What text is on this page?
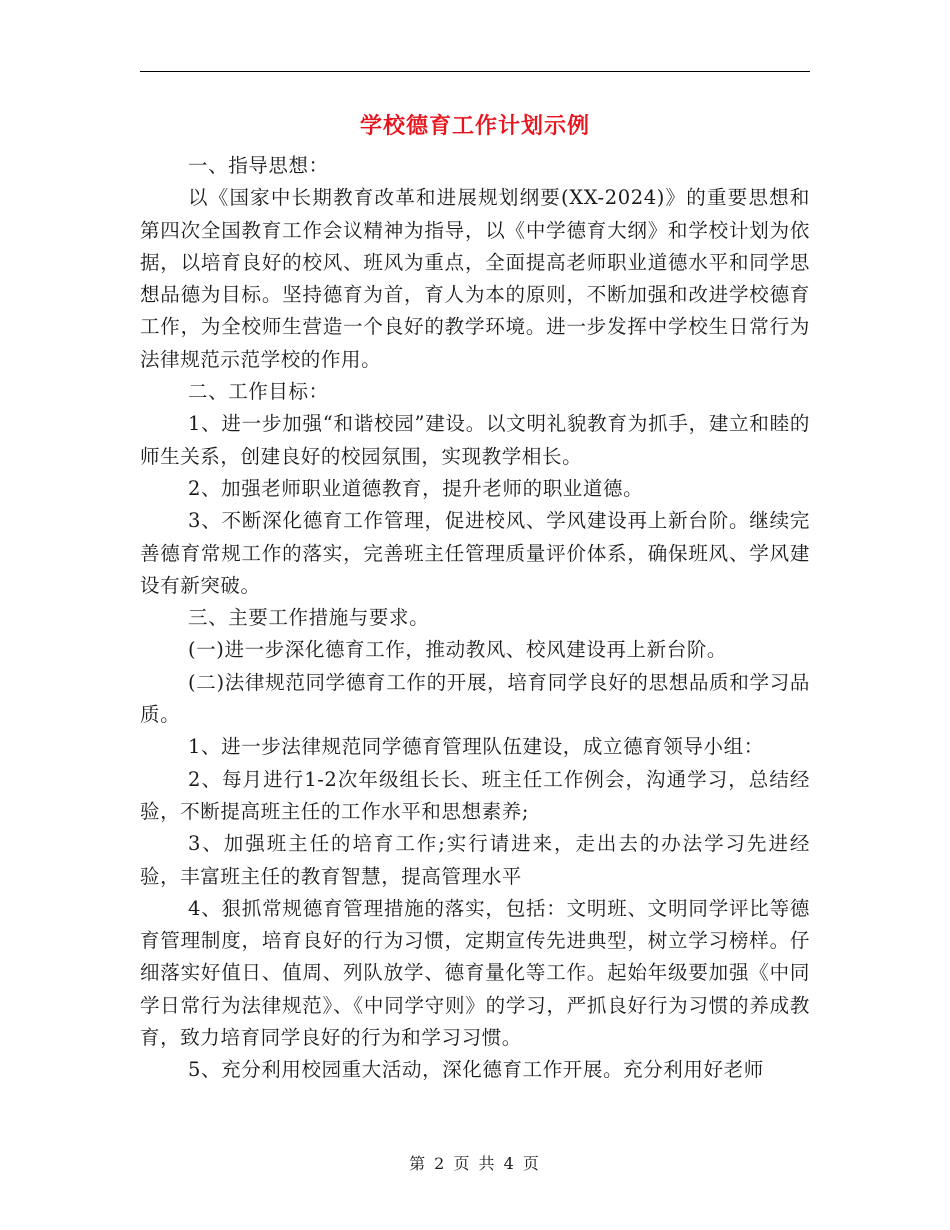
学校德育工作计划示例

一、指导思想：

以《国家中长期教育改革和进展规划纲要(XX-2024)》的重要思想和第四次全国教育工作会议精神为指导，以《中学德育大纲》和学校计划为依据，以培育良好的校风、班风为重点，全面提高老师职业道德水平和同学思想品德为目标。坚持德育为首，育人为本的原则，不断加强和改进学校德育工作，为全校师生营造一个良好的教学环境。进一步发挥中学校生日常行为法律规范示范学校的作用。

二、工作目标：

1、进一步加强“和谐校园”建设。以文明礼貌教育为抓手，建立和睦的师生关系，创建良好的校园氛围，实现教学相长。

2、加强老师职业道德教育，提升老师的职业道德。

3、不断深化德育工作管理，促进校风、学风建设再上新台阶。继续完善德育常规工作的落实，完善班主任管理质量评价体系，确保班风、学风建设有新突破。

三、主要工作措施与要求。

(一)进一步深化德育工作，推动教风、校风建设再上新台阶。

(二)法律规范同学德育工作的开展，培育同学良好的思想品质和学习品质。

1、进一步法律规范同学德育管理队伍建设，成立德育领导小组：

2、每月进行1-2次年级组长长、班主任工作例会，沟通学习，总结经验，不断提高班主任的工作水平和思想素养;

3、加强班主任的培育工作;实行请进来，走出去的办法学习先进经验，丰富班主任的教育智慧，提高管理水平

4、狠抓常规德育管理措施的落实，包括：文明班、文明同学评比等德育管理制度，培育良好的行为习惯，定期宣传先进典型，树立学习榜样。仔细落实好值日、值周、列队放学、德育量化等工作。起始年级要加强《中同学日常行为法律规范》、《中同学守则》的学习，严抓良好行为习惯的养成教育，致力培育同学良好的行为和学习习惯。

5、充分利用校园重大活动，深化德育工作开展。充分利用好老师

第 2 页 共 4 页
